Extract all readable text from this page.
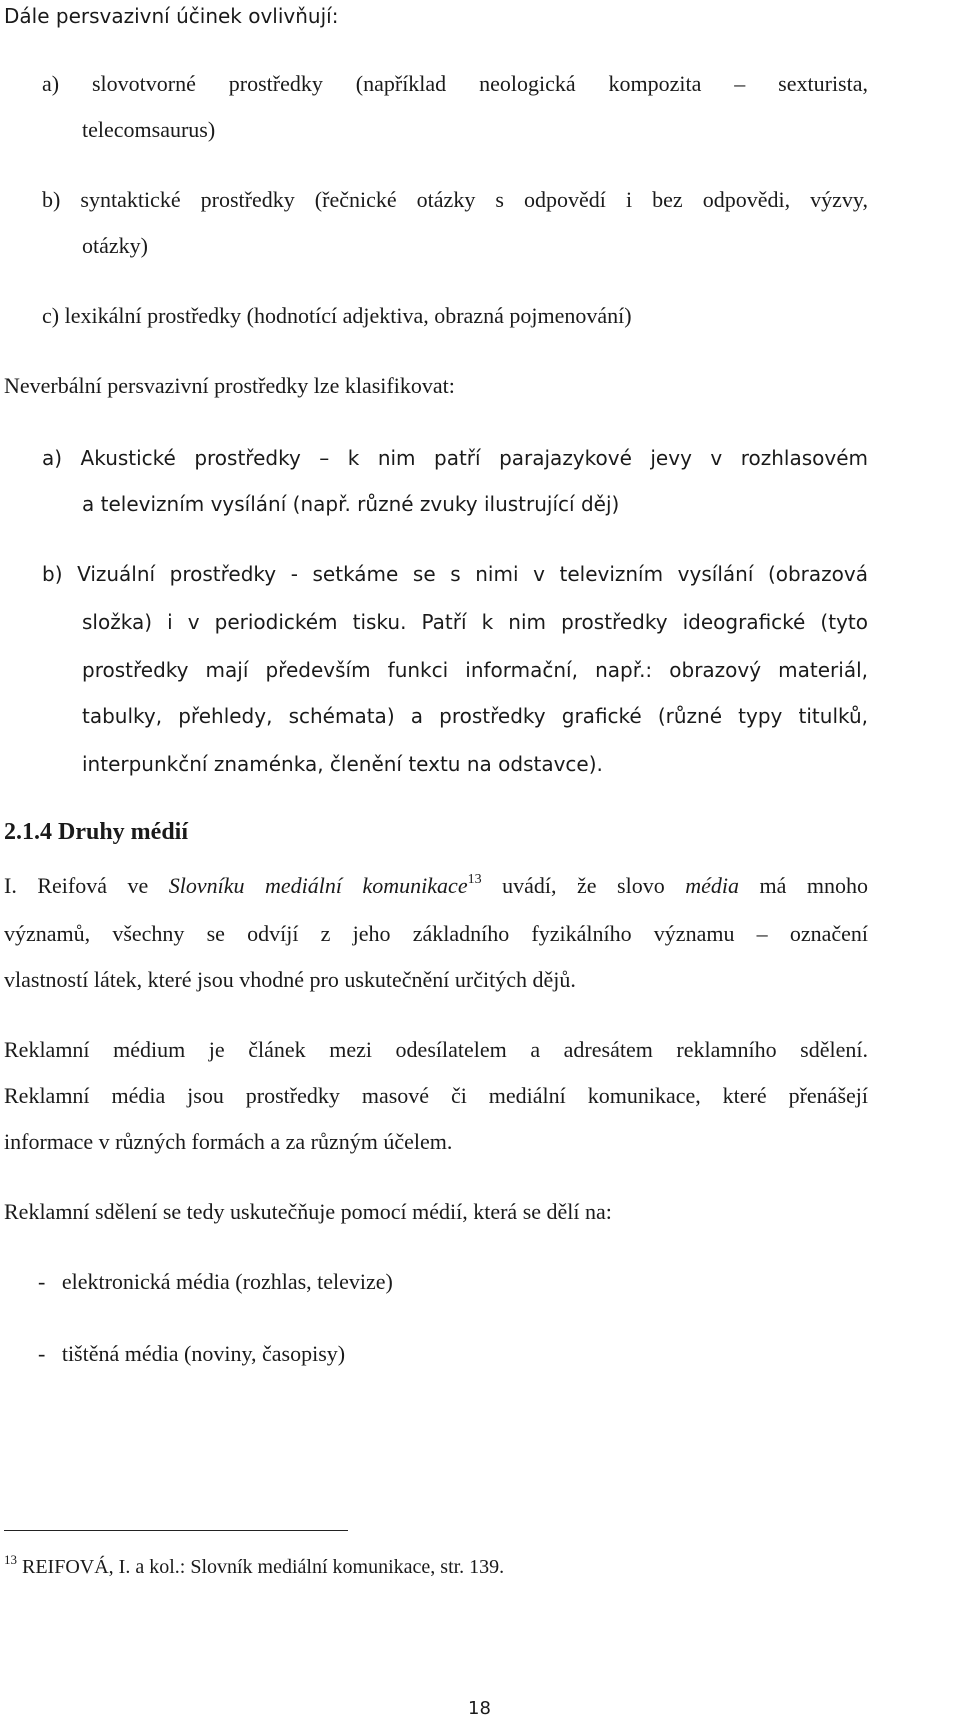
Dále persvazivní účinek ovlivňují:
a) slovotvorné prostředky (například neologická kompozita – sexturista,
telecomsaurus)
b) syntaktické prostředky (řečnické otázky s odpovědí i bez odpovědi, výzvy,
otázky)
c) lexikální prostředky (hodnotící adjektiva, obrazná pojmenování)
Neverbální persvazivní prostředky lze klasifikovat:
a) Akustické prostředky – k nim patří parajazykové jevy v rozhlasovém
a televizním vysílání (např. různé zvuky ilustrující děj)
b) Vizuální prostředky - setkáme se s nimi v televizním vysílání (obrazová
složka) i v periodickém tisku. Patří k nim prostředky ideografické (tyto
prostředky mají především funkci informační, např.: obrazový materiál,
tabulky, přehledy, schémata) a prostředky grafické (různé typy titulků,
interpunkční znaménka, členění textu na odstavce).
2.1.4 Druhy médií
I. Reifová ve Slovníku mediální komunikace$^{13}$ uvádí, že slovo média má mnoho
významů, všechny se odvíjí z jeho základního fyzikálního významu – označení
vlastností látek, které jsou vhodné pro uskutečnění určitých dějů.
Reklamní médium je článek mezi odesílatelem a adresátem reklamního sdělení.
Reklamní média jsou prostředky masové či mediální komunikace, které přenášejí
informace v různých formách a za různým účelem.
Reklamní sdělení se tedy uskutečňuje pomocí médií, která se dělí na:
-   elektronická média (rozhlas, televize)
-   tištěná média (noviny, časopisy)
$^{13}$ REIFOVÁ, I. a kol.: Slovník mediální komunikace, str. 139.
18
